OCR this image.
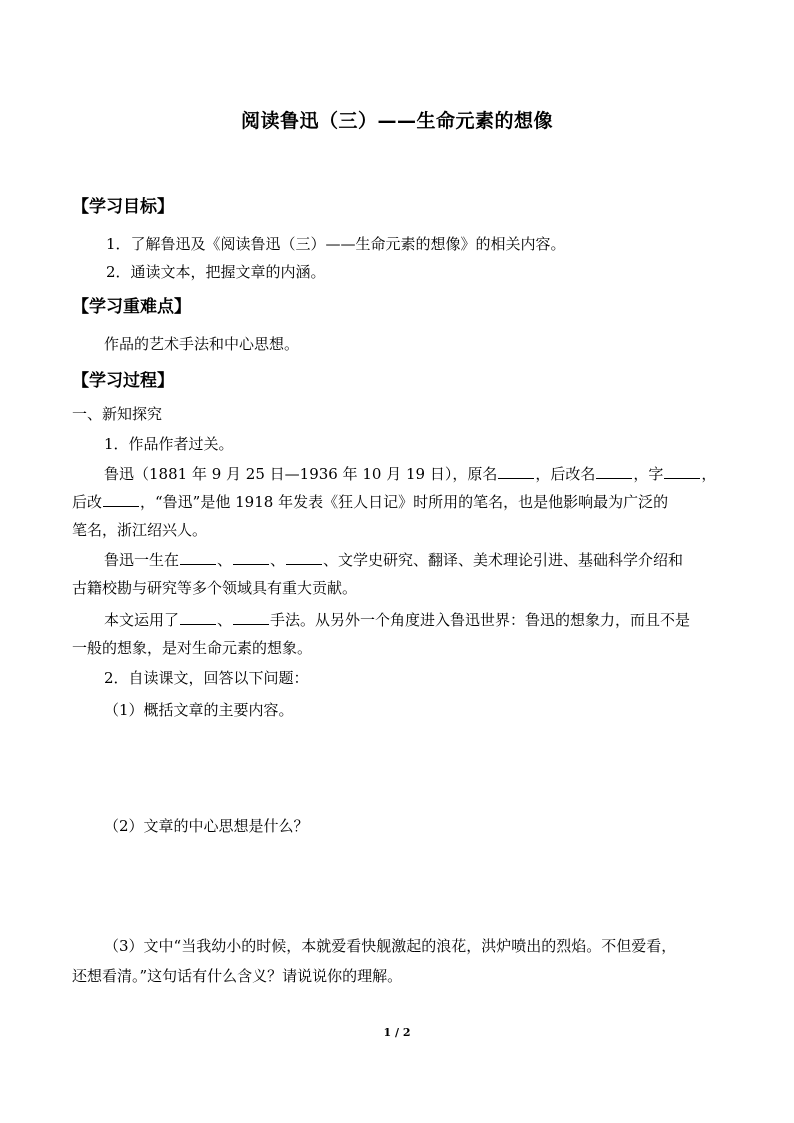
阅读鲁迅（三）——生命元素的想像
【学习目标】
1．了解鲁迅及《阅读鲁迅（三）——生命元素的想像》的相关内容。
2．通读文本，把握文章的内涵。
【学习重难点】
作品的艺术手法和中心思想。
【学习过程】
一、新知探究
1．作品作者过关。
鲁迅（1881 年 9 月 25 日—1936 年 10 月 19 日），原名	，后改名	，字	，
后改	，“鲁迅”是他 1918 年发表《狂人日记》时所用的笔名，也是他影响最为广泛的
笔名，浙江绍兴人。
鲁迅一生在	、	、	、文学史研究、翻译、美术理论引进、基础科学介绍和
古籍校勘与研究等多个领域具有重大贡献。
本文运用了	、	手法。从另外一个角度进入鲁迅世界：鲁迅的想象力，而且不是
一般的想象，是对生命元素的想象。
2．自读课文，回答以下问题：
（1）概括文章的主要内容。
（2）文章的中心思想是什么？
（3）文中“当我幼小的时候，本就爱看快舰激起的浪花，洪炉喷出的烈焰。不但爱看，
还想看清。”这句话有什么含义？请说说你的理解。
1 / 2
